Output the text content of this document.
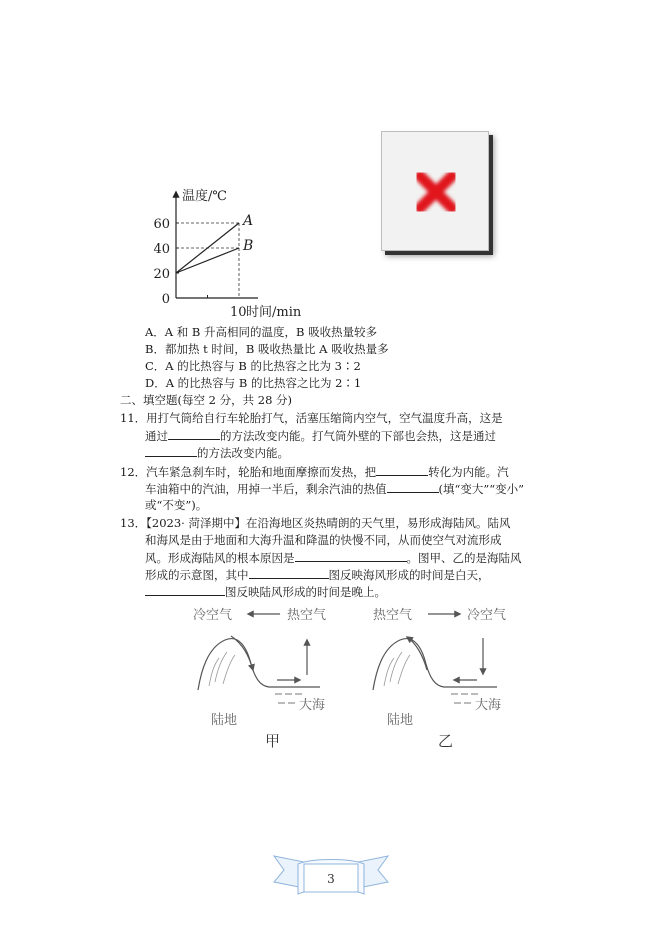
温度/℃
0
20
40
60	A
B
10 时间/min
A．A 和 B 升高相同的温度，B 吸收热量较多
B．都加热 t 时间，B 吸收热量比 A 吸收热量多
C．A 的比热容与 B 的比热容之比为 3∶2
D．A 的比热容与 B 的比热容之比为 2∶1
二、填空题(每空 2 分，共 28 分)
11．用打气筒给自行车轮胎打气，活塞压缩筒内空气，空气温度升高，这是
通过	的方法改变内能。打气筒外壁的下部也会热，这是通过
的方法改变内能。
12．汽车紧急刹车时，轮胎和地面摩擦而发热，把	转化为内能。汽
车油箱中的汽油，用掉一半后，剩余汽油的热值	(填“变大”“变小”
或“不变”)。
13．【2023· 菏泽期中】在沿海地区炎热晴朗的天气里，易形成海陆风。陆风
和海风是由于地面和大海升温和降温的快慢不同，从而使空气对流形成
风。形成海陆风的根本原因是	。图甲、乙的是海陆风
形成的示意图，其中	图反映海风形成的时间是白天，
图反映陆风形成的时间是晚上。
冷空气	热空气
大海
陆地
甲
热空气	冷空气
大海
陆地
乙
3
